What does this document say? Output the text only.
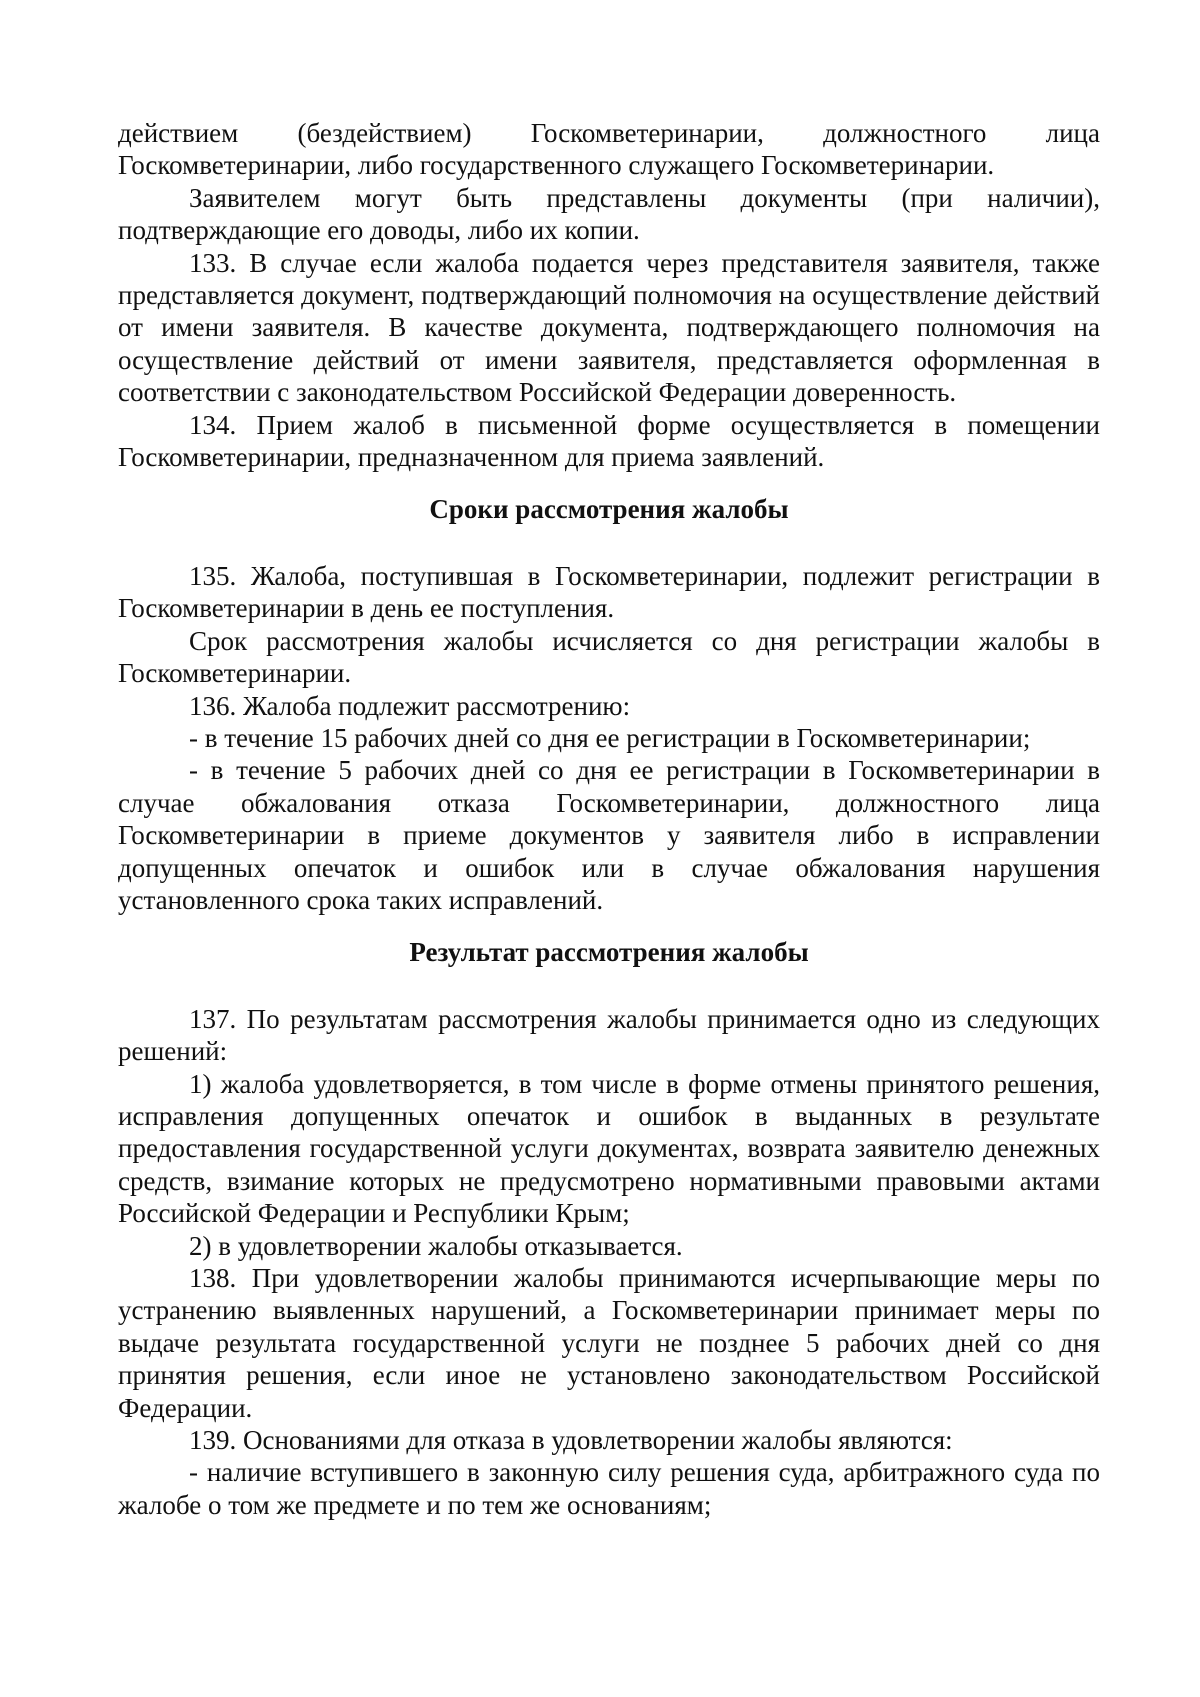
действием (бездействием) Госкомветеринарии, должностного лица Госкомветеринарии, либо государственного служащего Госкомветеринарии.

Заявителем могут быть представлены документы (при наличии), подтверждающие его доводы, либо их копии.

133. В случае если жалоба подается через представителя заявителя, также представляется документ, подтверждающий полномочия на осуществление действий от имени заявителя. В качестве документа, подтверждающего полномочия на осуществление действий от имени заявителя, представляется оформленная в соответствии с законодательством Российской Федерации доверенность.

134. Прием жалоб в письменной форме осуществляется в помещении Госкомветеринарии, предназначенном для приема заявлений.

Сроки рассмотрения жалобы

135. Жалоба, поступившая в Госкомветеринарии, подлежит регистрации в Госкомветеринарии в день ее поступления.

Срок рассмотрения жалобы исчисляется со дня регистрации жалобы в Госкомветеринарии.

136. Жалоба подлежит рассмотрению:

- в течение 15 рабочих дней со дня ее регистрации в Госкомветеринарии;

- в течение 5 рабочих дней со дня ее регистрации в Госкомветеринарии в случае обжалования отказа Госкомветеринарии, должностного лица Госкомветеринарии в приеме документов у заявителя либо в исправлении допущенных опечаток и ошибок или в случае обжалования нарушения установленного срока таких исправлений.

Результат рассмотрения жалобы

137. По результатам рассмотрения жалобы принимается одно из следующих решений:

1) жалоба удовлетворяется, в том числе в форме отмены принятого решения, исправления допущенных опечаток и ошибок в выданных в результате предоставления государственной услуги документах, возврата заявителю денежных средств, взимание которых не предусмотрено нормативными правовыми актами Российской Федерации и Республики Крым;

2) в удовлетворении жалобы отказывается.

138. При удовлетворении жалобы принимаются исчерпывающие меры по устранению выявленных нарушений, а Госкомветеринарии принимает меры по выдаче результата государственной услуги не позднее 5 рабочих дней со дня принятия решения, если иное не установлено законодательством Российской Федерации.

139. Основаниями для отказа в удовлетворении жалобы являются:

- наличие вступившего в законную силу решения суда, арбитражного суда по жалобе о том же предмете и по тем же основаниям;
